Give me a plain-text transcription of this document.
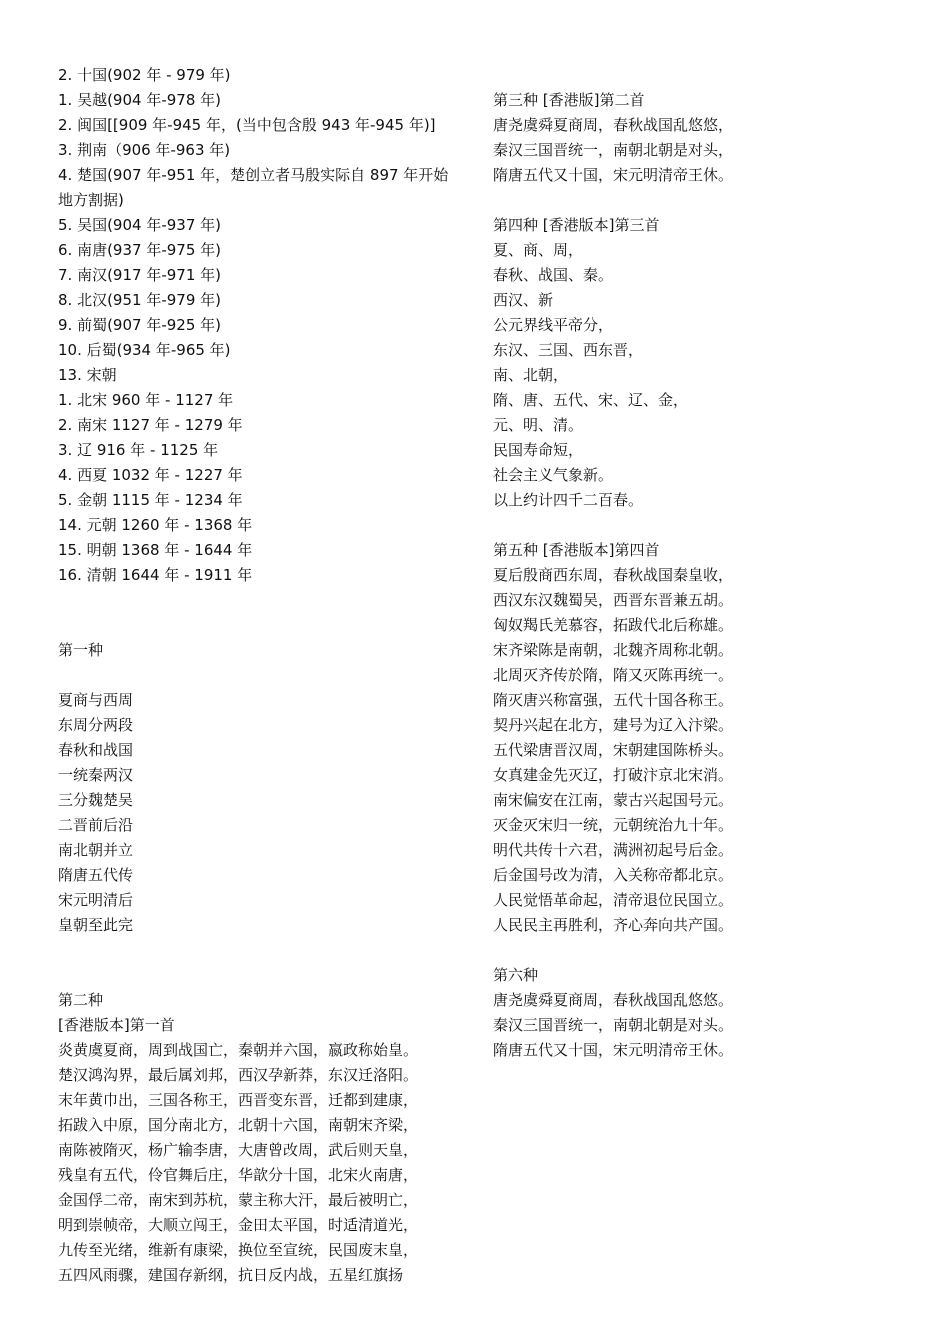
2. 十国(902 年 - 979 年)
1. 吴越(904 年-978 年)
2. 闽国[[909 年-945 年，(当中包含殷 943 年-945 年)]
3. 荆南（906 年-963 年)
4. 楚国(907 年-951 年，楚创立者马殷实际自 897 年开始
地方割据)
5. 吴国(904 年-937 年)
6. 南唐(937 年-975 年)
7. 南汉(917 年-971 年)
8. 北汉(951 年-979 年)
9. 前蜀(907 年-925 年)
10. 后蜀(934 年-965 年)
13. 宋朝
1. 北宋 960 年 - 1127 年
2. 南宋 1127 年 - 1279 年
3. 辽 916 年 - 1125 年
4. 西夏 1032 年 - 1227 年
5. 金朝 1115 年 - 1234 年
14. 元朝 1260 年 - 1368 年
15. 明朝 1368 年 - 1644 年
16. 清朝 1644 年 - 1911 年
第一种
夏商与西周
东周分两段
春秋和战国
一统秦两汉
三分魏楚吴
二晋前后沿
南北朝并立
隋唐五代传
宋元明清后
皇朝至此完
第二种
[香港版本]第一首
炎黄虞夏商，周到战国亡，秦朝并六国，嬴政称始皇。
楚汉鸿沟界，最后属刘邦，西汉孕新莽，东汉迁洛阳。
末年黄巾出，三国各称王，西晋变东晋，迁都到建康，
拓跋入中原，国分南北方，北朝十六国，南朝宋齐梁，
南陈被隋灭，杨广输李唐，大唐曾改周，武后则天皇，
残皇有五代，伶官舞后庄，华歆分十国，北宋火南唐，
金国俘二帝，南宋到苏杭，蒙主称大汗，最后被明亡，
明到崇帧帝，大顺立闯王，金田太平国，时适清道光，
九传至光绪，维新有康梁，换位至宣统，民国废末皇，
五四风雨骤，建国存新纲，抗日反内战，五星红旗扬
第三种 [香港版]第二首
唐尧虞舜夏商周，春秋战国乱悠悠，
秦汉三国晋统一，南朝北朝是对头，
隋唐五代又十国，宋元明清帝王休。
第四种 [香港版本]第三首
夏、商、周，
春秋、战国、秦。
西汉、新
公元界线平帝分，
东汉、三国、西东晋，
南、北朝，
隋、唐、五代、宋、辽、金，
元、明、清。
民国寿命短，
社会主义气象新。
以上约计四千二百春。
第五种 [香港版本]第四首
夏后殷商西东周，春秋战国秦皇收，
西汉东汉魏蜀吴，西晋东晋兼五胡。
匈奴羯氏羌慕容，拓跋代北后称雄。
宋齐梁陈是南朝，北魏齐周称北朝。
北周灭齐传於隋，隋又灭陈再统一。
隋灭唐兴称富强，五代十国各称王。
契丹兴起在北方，建号为辽入汴梁。
五代梁唐晋汉周，宋朝建国陈桥头。
女真建金先灭辽，打破汴京北宋消。
南宋偏安在江南，蒙古兴起国号元。
灭金灭宋归一统，元朝统治九十年。
明代共传十六君，满洲初起号后金。
后金国号改为清，入关称帝都北京。
人民觉悟革命起，清帝退位民国立。
人民民主再胜利，齐心奔向共产国。
第六种
唐尧虞舜夏商周，春秋战国乱悠悠。
秦汉三国晋统一，南朝北朝是对头。
隋唐五代又十国，宋元明清帝王休。
